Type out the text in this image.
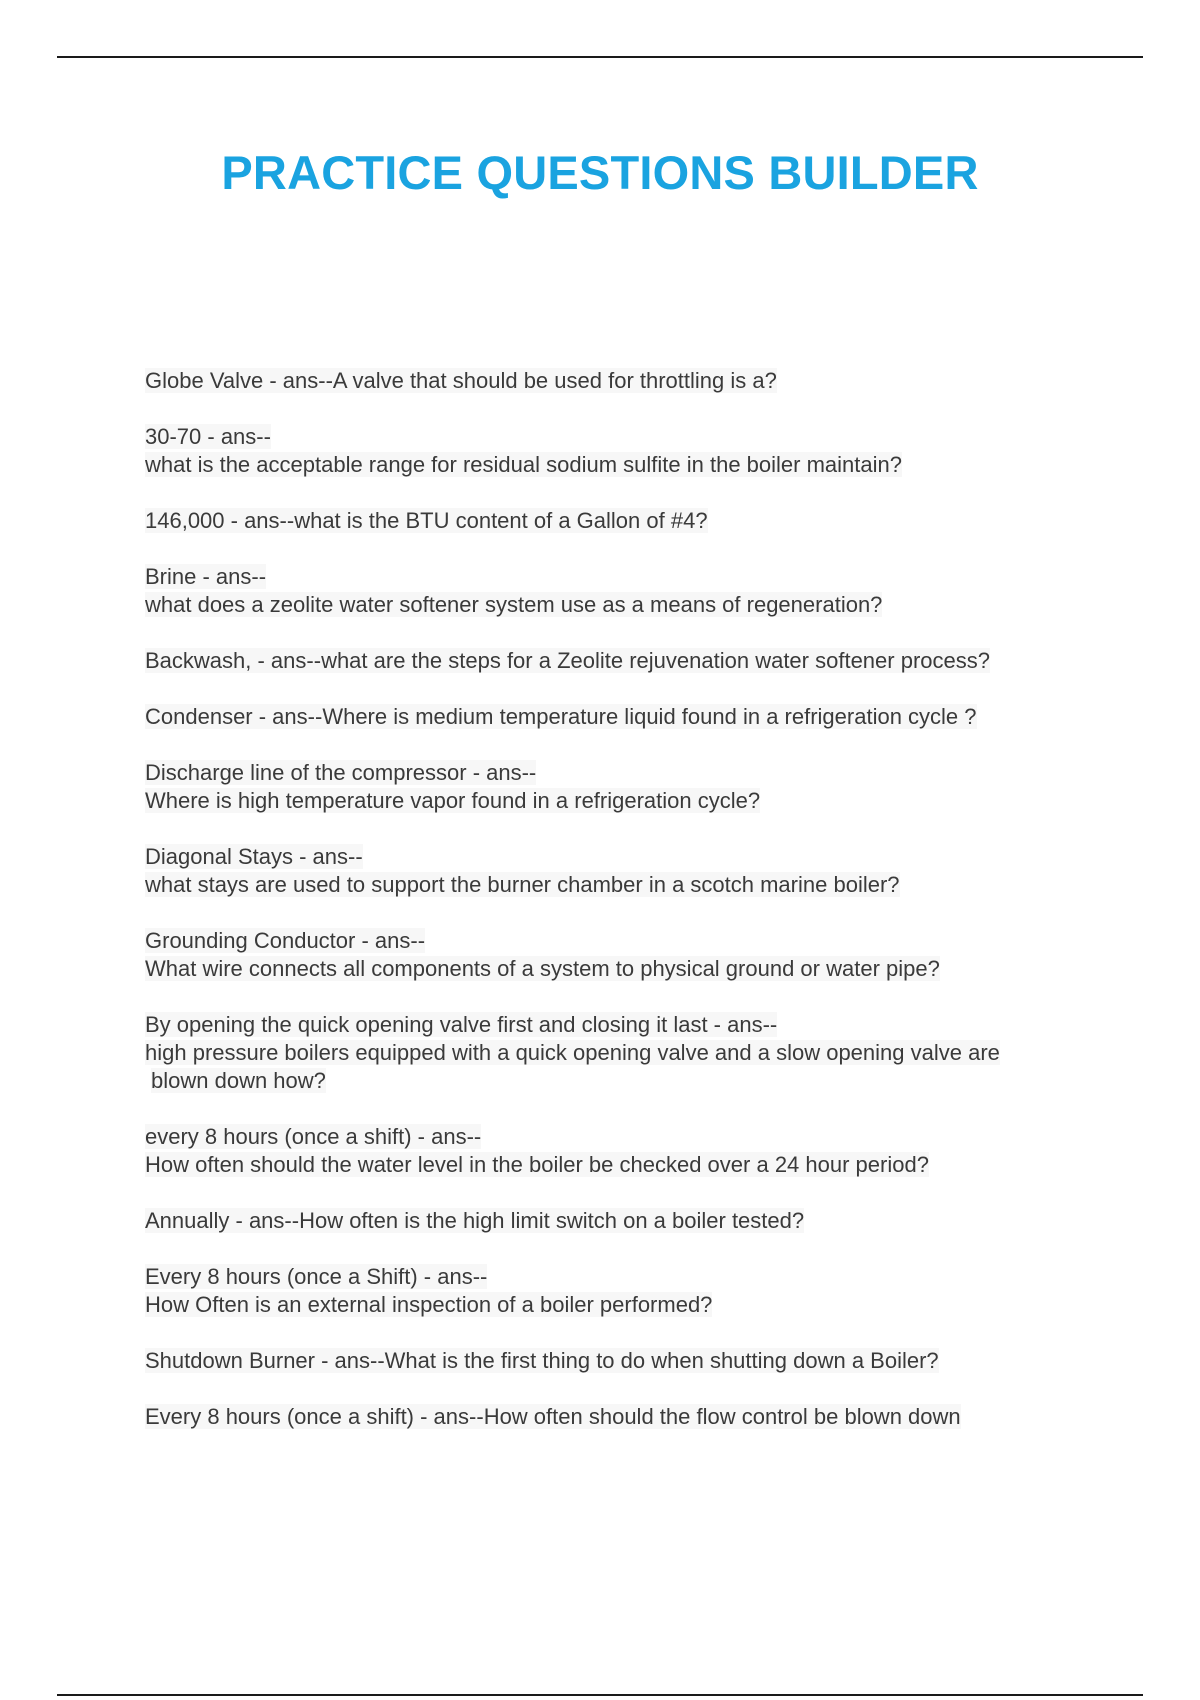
PRACTICE QUESTIONS BUILDER
Globe Valve - ans--A valve that should be used for throttling is a?
30-70 - ans--
what is the acceptable range for residual sodium sulfite in the boiler maintain?
146,000 - ans--what is the BTU content of a Gallon of #4?
Brine - ans--
what does a zeolite water softener system use as a means of regeneration?
Backwash, - ans--what are the steps for a Zeolite rejuvenation water softener process?
Condenser - ans--Where is medium temperature liquid found in a refrigeration cycle ?
Discharge line of the compressor - ans--
Where is high temperature vapor found in a refrigeration cycle?
Diagonal Stays - ans--
what stays are used to support the burner chamber in a scotch marine boiler?
Grounding Conductor - ans--
What wire connects all components of a system to physical ground or water pipe?
By opening the quick opening valve first and closing it last - ans--
high pressure boilers equipped with a quick opening valve and a slow opening valve are
blown down how?
every 8 hours (once a shift) - ans--
How often should the water level in the boiler be checked over a 24 hour period?
Annually - ans--How often is the high limit switch on a boiler tested?
Every 8 hours (once a Shift) - ans--
How Often is an external inspection of a boiler performed?
Shutdown Burner - ans--What is the first thing to do when shutting down a Boiler?
Every 8 hours (once a shift) - ans--How often should the flow control be blown down
